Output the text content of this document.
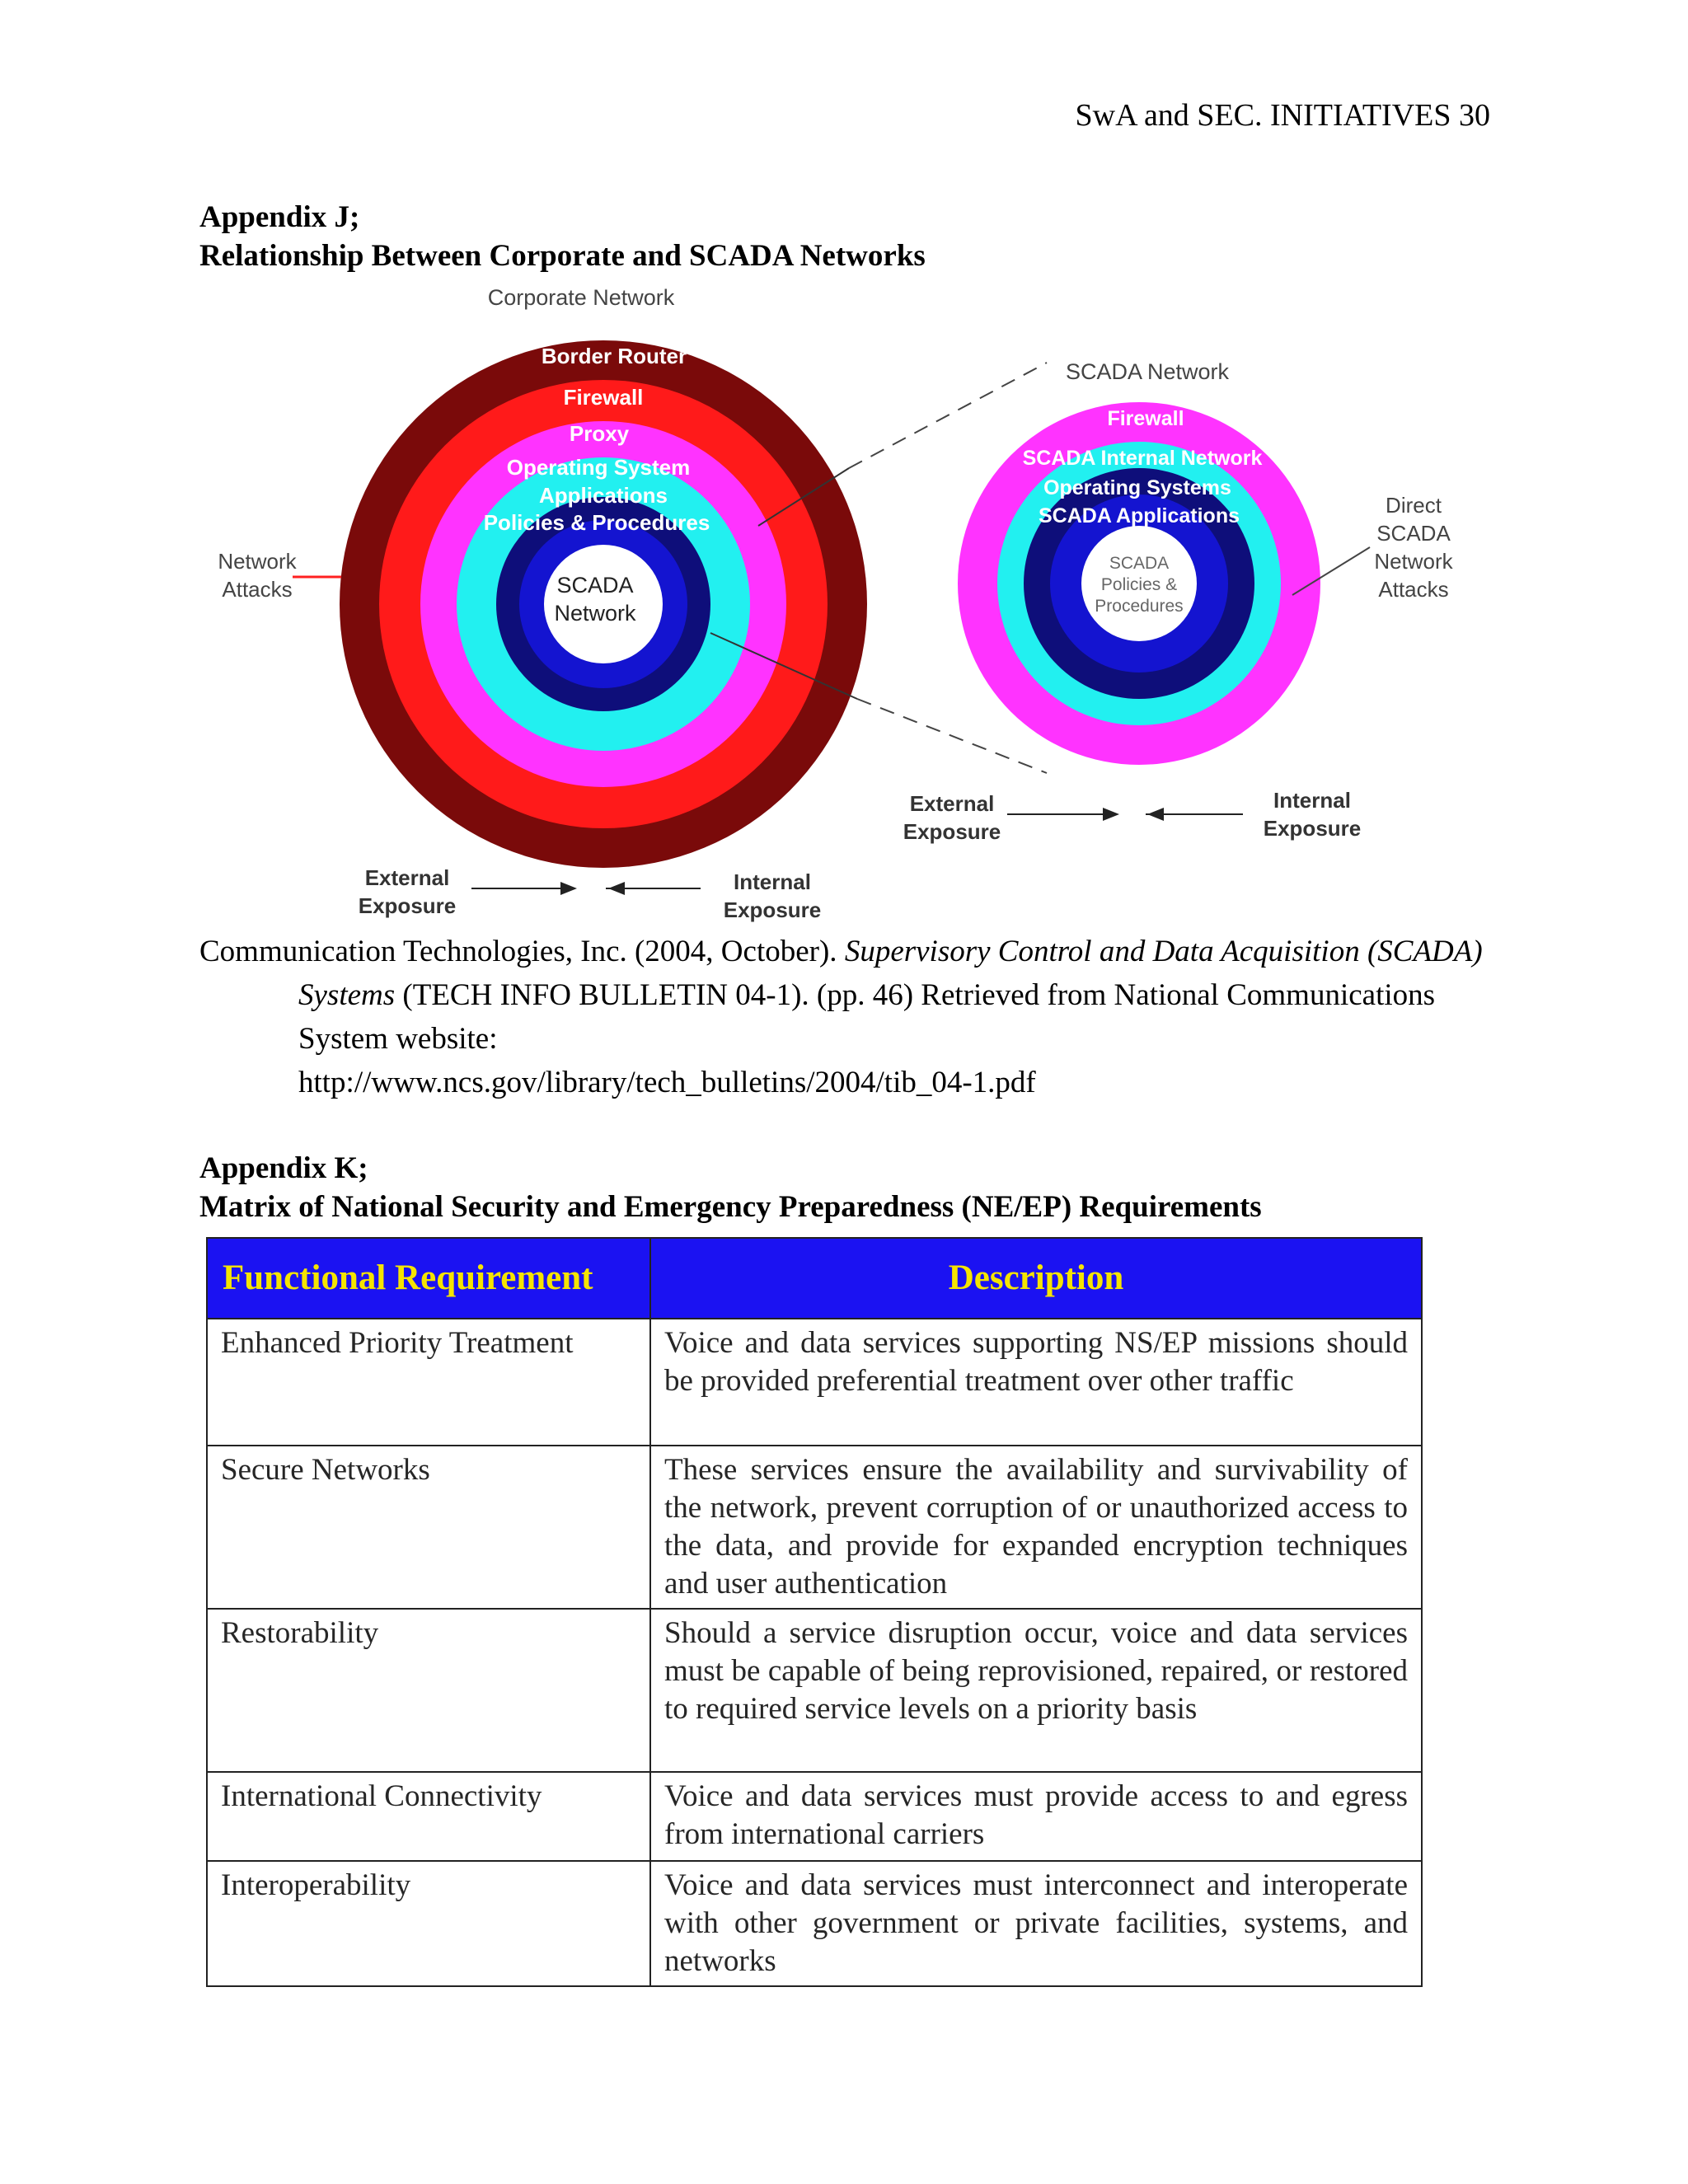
SwA and SEC. INITIATIVES 30
Appendix J;
Relationship Between Corporate and SCADA Networks
Border Router
Firewall
Proxy
Operating System
Applications
Policies & Procedures
SCADA
Network
Corporate Network
Network
Attacks
External
Exposure
Internal
Exposure
Firewall
SCADA Internal Network
Operating Systems
SCADA Applications
SCADA
Policies &
Procedures
SCADA Network
Direct
SCADA
Network
Attacks
External
Exposure
Internal
Exposure

Communication Technologies, Inc. (2004, October). Supervisory Control and Data Acquisition (SCADA) Systems (TECH INFO BULLETIN 04-1). (pp. 46) Retrieved from National Communications System website:
http://www.ncs.gov/library/tech_bulletins/2004/tib_04-1.pdf

Appendix K;
Matrix of National Security and Emergency Preparedness (NE/EP) Requirements
Functional Requirement	Description
Enhanced Priority Treatment	Voice and data services supporting NS/EP missions should be provided preferential treatment over other traffic
Secure Networks	These services ensure the availability and survivability of the network, prevent corruption of or unauthorized access to the data, and provide for expanded encryption techniques and user authentication
Restorability	Should a service disruption occur, voice and data services must be capable of being reprovisioned, repaired, or restored to required service levels on a priority basis
International Connectivity	Voice and data services must provide access to and egress from international carriers
Interoperability	Voice and data services must interconnect and interoperate with other government or private facilities, systems, and networks
